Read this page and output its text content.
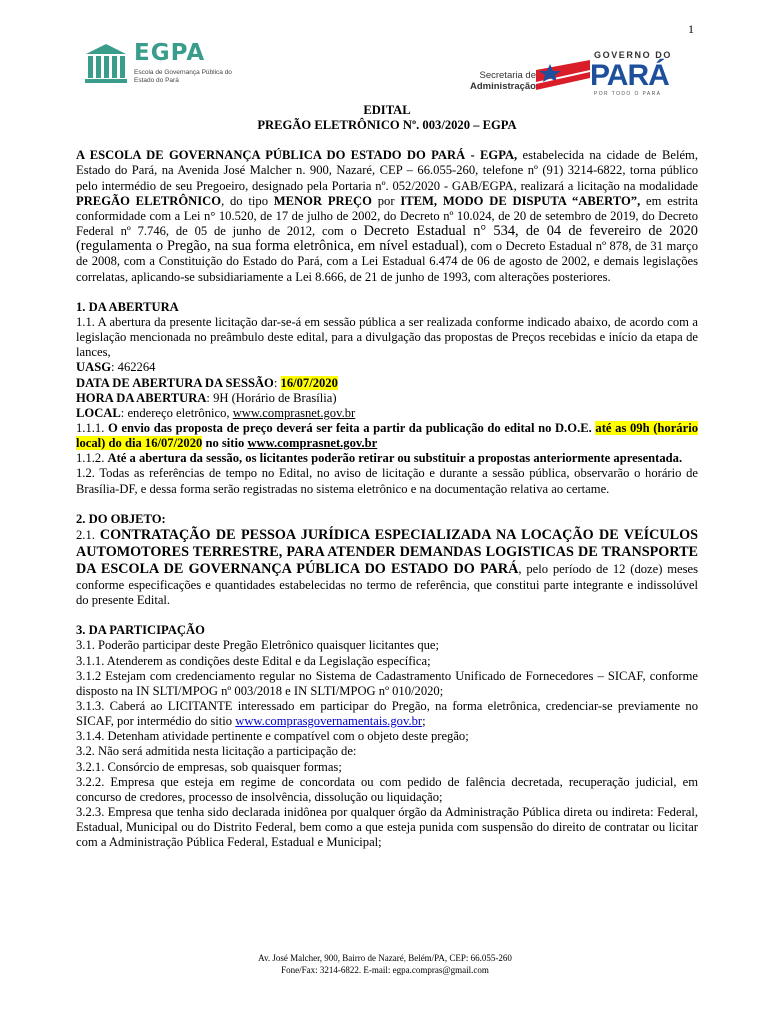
1
EGPA
Escola de Governança Pública do Estado do Pará	Secretaria de
Administração
GOVERNO DO
PARÁ
POR TODO O PARÁ

EDITAL

PREGÃO ELETRÔNICO Nº. 003/2020 – EGPA

A ESCOLA DE GOVERNANÇA PÚBLICA DO ESTADO DO PARÁ - EGPA, estabelecida na cidade de Belém, Estado do Pará, na Avenida José Malcher n. 900, Nazaré, CEP – 66.055-260, telefone nº (91) 3214-6822, torna público pelo intermédio de seu Pregoeiro, designado pela Portaria nº. 052/2020 - GAB/EGPA, realizará a licitação na modalidade PREGÃO ELETRÔNICO, do tipo MENOR PREÇO por ITEM, MODO DE DISPUTA “ABERTO”, em estrita conformidade com a Lei n° 10.520, de 17 de julho de 2002, do Decreto nº 10.024, de 20 de setembro de 2019, do Decreto Federal nº 7.746, de 05 de junho de 2012, com o Decreto Estadual n° 534, de 04 de fevereiro de 2020 (regulamenta o Pregão, na sua forma eletrônica, em nível estadual), com o Decreto Estadual nº 878, de 31 março de 2008, com a Constituição do Estado do Pará, com a Lei Estadual 6.474 de 06 de agosto de 2002, e demais legislações correlatas, aplicando-se subsidiariamente a Lei 8.666, de 21 de junho de 1993, com alterações posteriores.

1. DA ABERTURA

1.1. A abertura da presente licitação dar-se-á em sessão pública a ser realizada conforme indicado abaixo, de acordo com a legislação mencionada no preâmbulo deste edital, para a divulgação das propostas de Preços recebidas e início da etapa de lances,

UASG: 462264

DATA DE ABERTURA DA SESSÃO: 16/07/2020

HORA DA ABERTURA: 9H (Horário de Brasília)

LOCAL: endereço eletrônico, www.comprasnet.gov.br

1.1.1. O envio das proposta de preço deverá ser feita a partir da publicação do edital no D.O.E. até as 09h (horário local) do dia 16/07/2020 no sitio www.comprasnet.gov.br

1.1.2. Até a abertura da sessão, os licitantes poderão retirar ou substituir a propostas anteriormente apresentada.

1.2. Todas as referências de tempo no Edital, no aviso de licitação e durante a sessão pública, observarão o horário de Brasília-DF, e dessa forma serão registradas no sistema eletrônico e na documentação relativa ao certame.

2. DO OBJETO:

2.1. CONTRATAÇÃO DE PESSOA JURÍDICA ESPECIALIZADA NA LOCAÇÃO DE VEÍCULOS AUTOMOTORES TERRESTRE, PARA ATENDER DEMANDAS LOGISTICAS DE TRANSPORTE DA ESCOLA DE GOVERNANÇA PÚBLICA DO ESTADO DO PARÁ, pelo período de 12 (doze) meses conforme especificações e quantidades estabelecidas no termo de referência, que constitui parte integrante e indissolúvel do presente Edital.

3. DA PARTICIPAÇÃO

3.1. Poderão participar deste Pregão Eletrônico quaisquer licitantes que;

3.1.1. Atenderem as condições deste Edital e da Legislação específica;

3.1.2 Estejam com credenciamento regular no Sistema de Cadastramento Unificado de Fornecedores – SICAF, conforme disposto na IN SLTI/MPOG nº 003/2018 e IN SLTI/MPOG nº 010/2020;

3.1.3. Caberá ao LICITANTE interessado em participar do Pregão, na forma eletrônica, credenciar-se previamente no SICAF, por intermédio do sitio www.comprasgovernamentais.gov.br;

3.1.4. Detenham atividade pertinente e compatível com o objeto deste pregão;

3.2. Não será admitida nesta licitação a participação de:

3.2.1. Consórcio de empresas, sob quaisquer formas;

3.2.2. Empresa que esteja em regime de concordata ou com pedido de falência decretada, recuperação judicial, em concurso de credores, processo de insolvência, dissolução ou liquidação;

3.2.3. Empresa que tenha sido declarada inidônea por qualquer órgão da Administração Pública direta ou indireta: Federal, Estadual, Municipal ou do Distrito Federal, bem como a que esteja punida com suspensão do direito de contratar ou licitar com a Administração Pública Federal, Estadual e Municipal;

Av. José Malcher, 900, Bairro de Nazaré, Belém/PA, CEP: 66.055-260
Fone/Fax: 3214-6822. E-mail: egpa.compras@gmail.com
